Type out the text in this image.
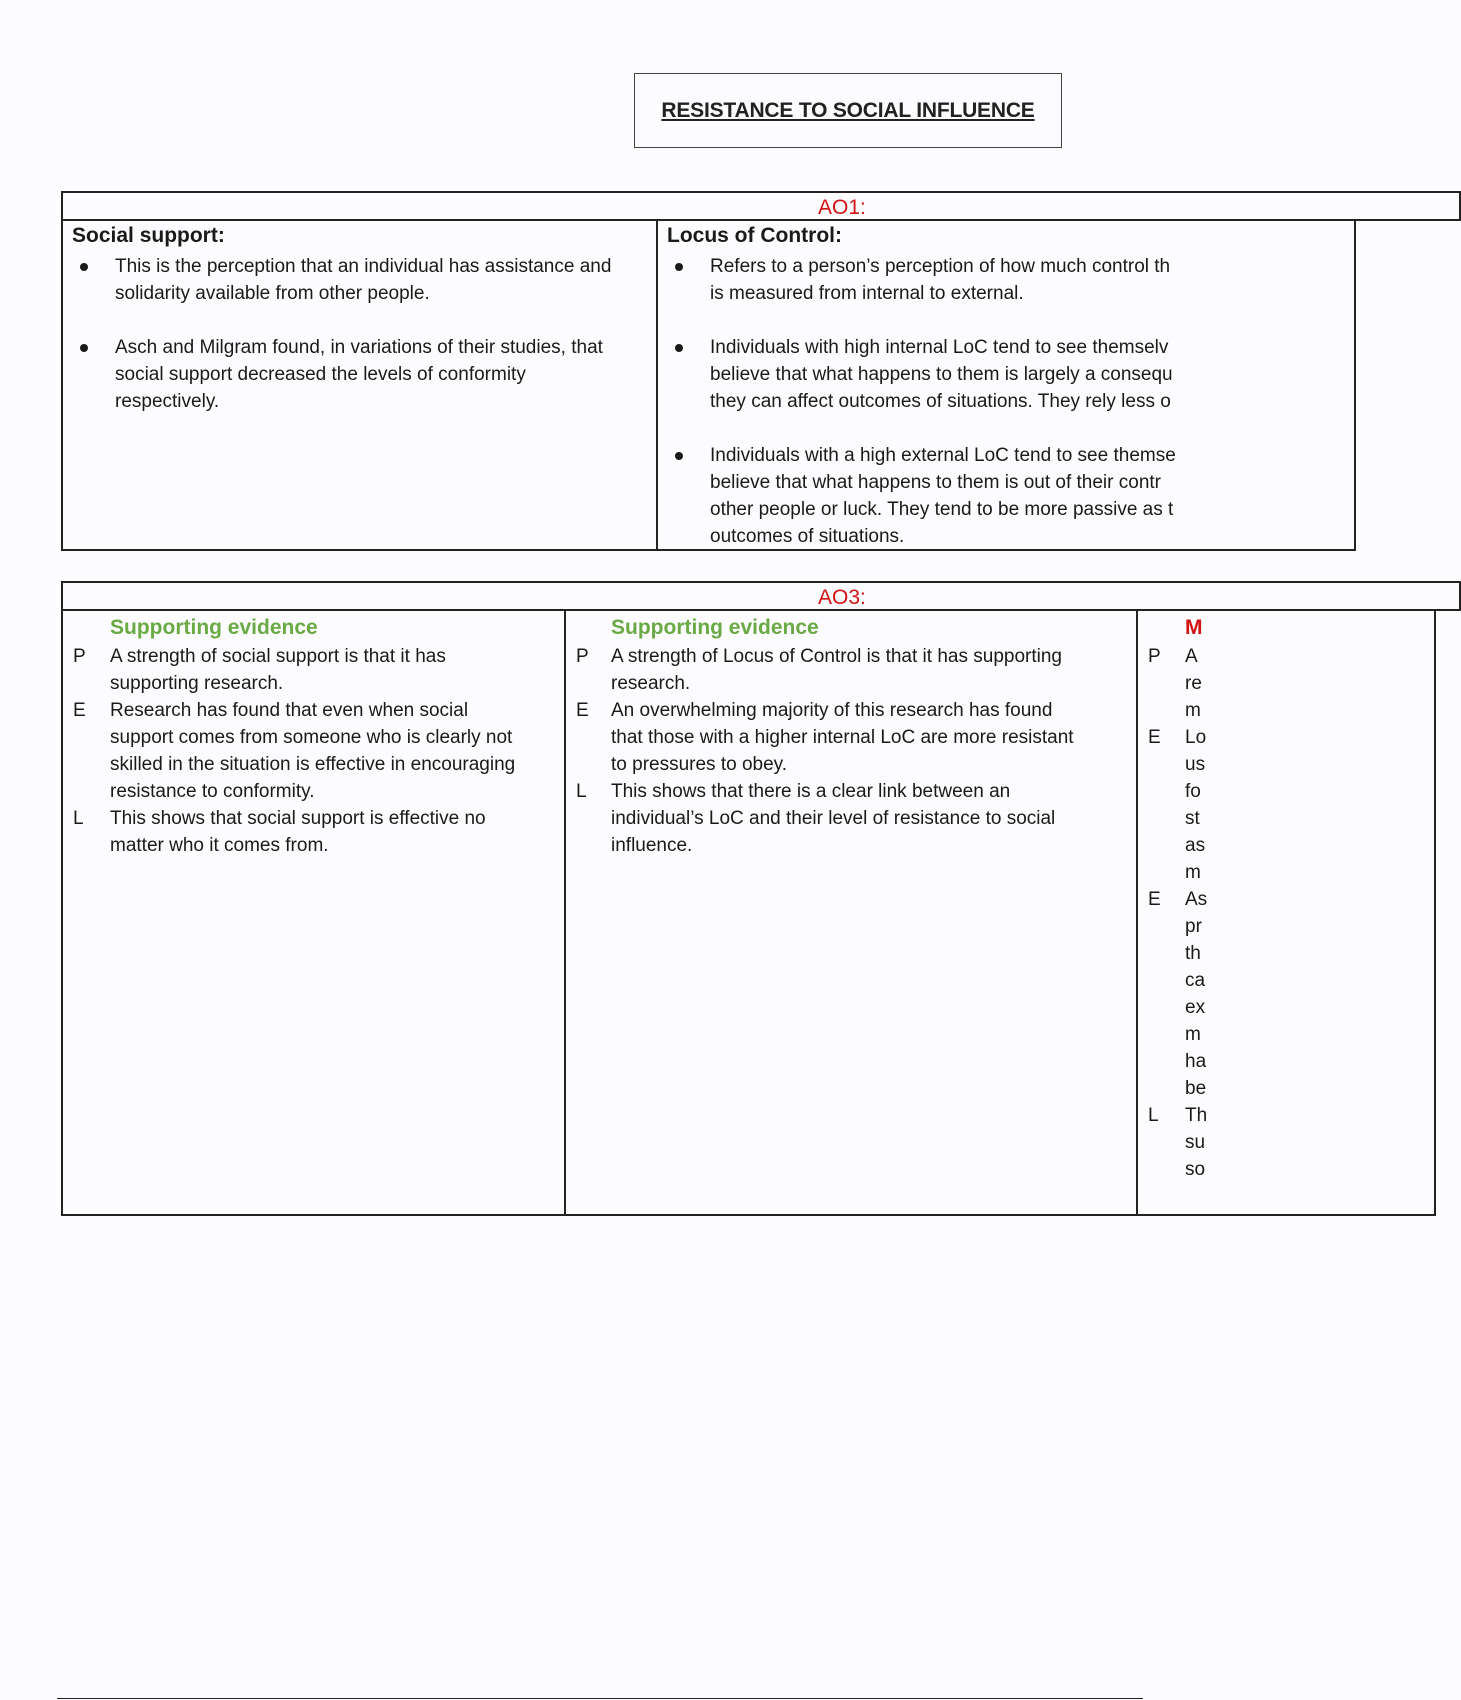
RESISTANCE TO SOCIAL INFLUENCE
AO1:
Social support:
This is the perception that an individual has assistance and
solidarity available from other people.
Asch and Milgram found, in variations of their studies, that
social support decreased the levels of conformity
respectively.
Locus of Control:
Refers to a person’s perception of how much control th
is measured from internal to external.
Individuals with high internal LoC tend to see themselv
believe that what happens to them is largely a consequ
they can affect outcomes of situations. They rely less o
Individuals with a high external LoC tend to see themse
believe that what happens to them is out of their contr
other people or luck. They tend to be more passive as t
outcomes of situations.
AO3:
Supporting evidence
P A strength of social support is that it has
supporting research.
E Research has found that even when social
support comes from someone who is clearly not
skilled in the situation is effective in encouraging
resistance to conformity.
L This shows that social support is effective no
matter who it comes from.
Supporting evidence
P A strength of Locus of Control is that it has supporting
research.
E An overwhelming majority of this research has found
that those with a higher internal LoC are more resistant
to pressures to obey.
L This shows that there is a clear link between an
individual’s LoC and their level of resistance to social
influence.
M
P A
re
m
E Lo
us
fo
st
as
m
E As
pr
th
ca
ex
m
ha
be
L Th
su
so
